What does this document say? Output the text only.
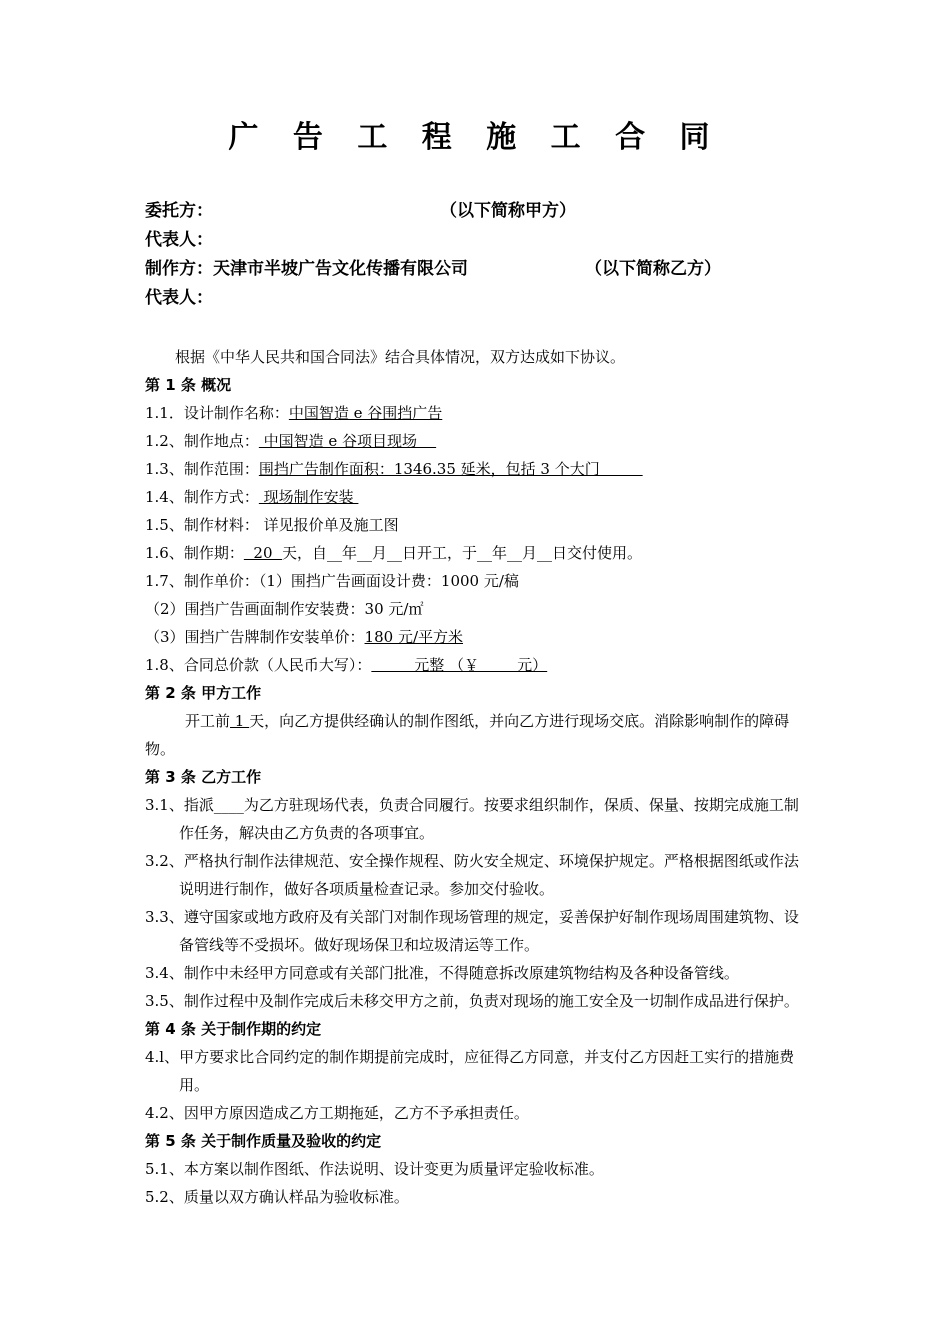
广 告 工 程 施 工 合 同
委托方：	（以下简称甲方）
代表人：
制作方：天津市半坡广告文化传播有限公司	（以下简称乙方）
代表人：

根据《中华人民共和国合同法》结合具体情况，双方达成如下协议。

第 1 条 概况

1.1．设计制作名称：中国智造 e 谷围挡广告

1.2、制作地点： 中国智造 e 谷项目现场

1.3、制作范围：围挡广告制作面积：1346.35 延米，包括 3 个大门

1.4、制作方式： 现场制作安装

1.5、制作材料： 详见报价单及施工图

1.6、制作期：  20  天，自__年__月__日开工，于__年__月__日交付使用。

1.7、制作单价：（1）围挡广告画面设计费：1000 元/稿

（2）围挡广告画面制作安装费：30 元/㎡

（3）围挡广告牌制作安装单价：180 元/平方米

1.8、合同总价款（人民币大写）：         元整 （￥        元）

第 2 条 甲方工作

开工前 1 天，向乙方提供经确认的制作图纸，并向乙方进行现场交底。消除影响制作的障碍物。

第 3 条 乙方工作

3.1、指派____为乙方驻现场代表，负责合同履行。按要求组织制作，保质、保量、按期完成施工制作任务，解决由乙方负责的各项事宜。

3.2、严格执行制作法律规范、安全操作规程、防火安全规定、环境保护规定。严格根据图纸或作法说明进行制作，做好各项质量检查记录。参加交付验收。

3.3、遵守国家或地方政府及有关部门对制作现场管理的规定，妥善保护好制作现场周围建筑物、设备管线等不受损坏。做好现场保卫和垃圾清运等工作。

3.4、制作中未经甲方同意或有关部门批准，不得随意拆改原建筑物结构及各种设备管线。

3.5、制作过程中及制作完成后未移交甲方之前，负责对现场的施工安全及一切制作成品进行保护。

第 4 条 关于制作期的约定

4.l、甲方要求比合同约定的制作期提前完成时，应征得乙方同意，并支付乙方因赶工实行的措施费用。

4.2、因甲方原因造成乙方工期拖延，乙方不予承担责任。

第 5 条 关于制作质量及验收的约定

5.1、本方案以制作图纸、作法说明、设计变更为质量评定验收标准。

5.2、质量以双方确认样品为验收标准。
